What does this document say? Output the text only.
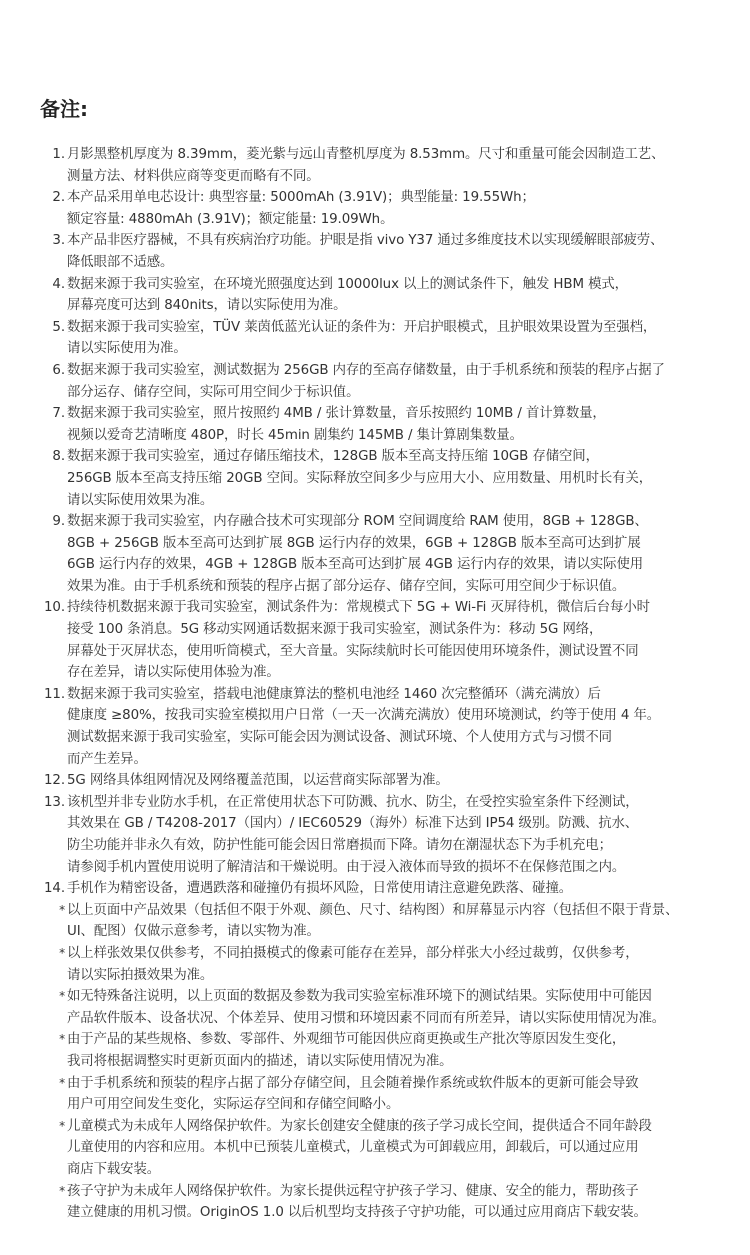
备注:
1. 月影黑整机厚度为 8.39mm，菱光紫与远山青整机厚度为 8.53mm。尺寸和重量可能会因制造工艺、
测量方法、材料供应商等变更而略有不同。
2. 本产品采用单电芯设计: 典型容量: 5000mAh (3.91V)；典型能量: 19.55Wh；
额定容量: 4880mAh (3.91V)；额定能量: 19.09Wh。
3. 本产品非医疗器械，不具有疾病治疗功能。护眼是指 vivo Y37 通过多维度技术以实现缓解眼部疲劳、
降低眼部不适感。
4. 数据来源于我司实验室，在环境光照强度达到 10000lux 以上的测试条件下，触发 HBM 模式，
屏幕亮度可达到 840nits，请以实际使用为准。
5. 数据来源于我司实验室，TÜV 莱茵低蓝光认证的条件为：开启护眼模式，且护眼效果设置为至强档，
请以实际使用为准。
6. 数据来源于我司实验室，测试数据为 256GB 内存的至高存储数量，由于手机系统和预装的程序占据了
部分运存、储存空间，实际可用空间少于标识值。
7. 数据来源于我司实验室，照片按照约 4MB / 张计算数量，音乐按照约 10MB / 首计算数量，
视频以爱奇艺清晰度 480P，时长 45min 剧集约 145MB / 集计算剧集数量。
8. 数据来源于我司实验室，通过存储压缩技术，128GB 版本至高支持压缩 10GB 存储空间，
256GB 版本至高支持压缩 20GB 空间。实际释放空间多少与应用大小、应用数量、用机时长有关，
请以实际使用效果为准。
9. 数据来源于我司实验室，内存融合技术可实现部分 ROM 空间调度给 RAM 使用，8GB + 128GB、
8GB + 256GB 版本至高可达到扩展 8GB 运行内存的效果，6GB + 128GB 版本至高可达到扩展
6GB 运行内存的效果，4GB + 128GB 版本至高可达到扩展 4GB 运行内存的效果，请以实际使用
效果为准。由于手机系统和预装的程序占据了部分运存、储存空间，实际可用空间少于标识值。
10. 持续待机数据来源于我司实验室，测试条件为：常规模式下 5G + Wi-Fi 灭屏待机，微信后台每小时
接受 100 条消息。5G 移动实网通话数据来源于我司实验室，测试条件为：移动 5G 网络，
屏幕处于灭屏状态，使用听筒模式，至大音量。实际续航时长可能因使用环境条件，测试设置不同
存在差异，请以实际使用体验为准。
11. 数据来源于我司实验室，搭载电池健康算法的整机电池经 1460 次完整循环（满充满放）后
健康度 ≥80%，按我司实验室模拟用户日常（一天一次满充满放）使用环境测试，约等于使用 4 年。
测试数据来源于我司实验室，实际可能会因为测试设备、测试环境、个人使用方式与习惯不同
而产生差异。
12. 5G 网络具体组网情况及网络覆盖范围，以运营商实际部署为准。
13. 该机型并非专业防水手机，在正常使用状态下可防溅、抗水、防尘，在受控实验室条件下经测试，
其效果在 GB / T4208-2017（国内）/ IEC60529（海外）标准下达到 IP54 级别。防溅、抗水、
防尘功能并非永久有效，防护性能可能会因日常磨损而下降。请勿在潮湿状态下为手机充电；
请参阅手机内置使用说明了解清洁和干燥说明。由于浸入液体而导致的损坏不在保修范围之内。
14. 手机作为精密设备，遭遇跌落和碰撞仍有损坏风险，日常使用请注意避免跌落、碰撞。
* 以上页面中产品效果（包括但不限于外观、颜色、尺寸、结构图）和屏幕显示内容（包括但不限于背景、
UI、配图）仅做示意参考，请以实物为准。
* 以上样张效果仅供参考，不同拍摄模式的像素可能存在差异，部分样张大小经过裁剪，仅供参考，
请以实际拍摄效果为准。
* 如无特殊备注说明，以上页面的数据及参数为我司实验室标准环境下的测试结果。实际使用中可能因
产品软件版本、设备状况、个体差异、使用习惯和环境因素不同而有所差异，请以实际使用情况为准。
* 由于产品的某些规格、参数、零部件、外观细节可能因供应商更换或生产批次等原因发生变化，
我司将根据调整实时更新页面内的描述，请以实际使用情况为准。
* 由于手机系统和预装的程序占据了部分存储空间，且会随着操作系统或软件版本的更新可能会导致
用户可用空间发生变化，实际运存空间和存储空间略小。
* 儿童模式为未成年人网络保护软件。为家长创建安全健康的孩子学习成长空间，提供适合不同年龄段
儿童使用的内容和应用。本机中已预装儿童模式，儿童模式为可卸载应用，卸载后，可以通过应用
商店下载安装。
* 孩子守护为未成年人网络保护软件。为家长提供远程守护孩子学习、健康、安全的能力，帮助孩子
建立健康的用机习惯。OriginOS 1.0 以后机型均支持孩子守护功能，可以通过应用商店下载安装。
